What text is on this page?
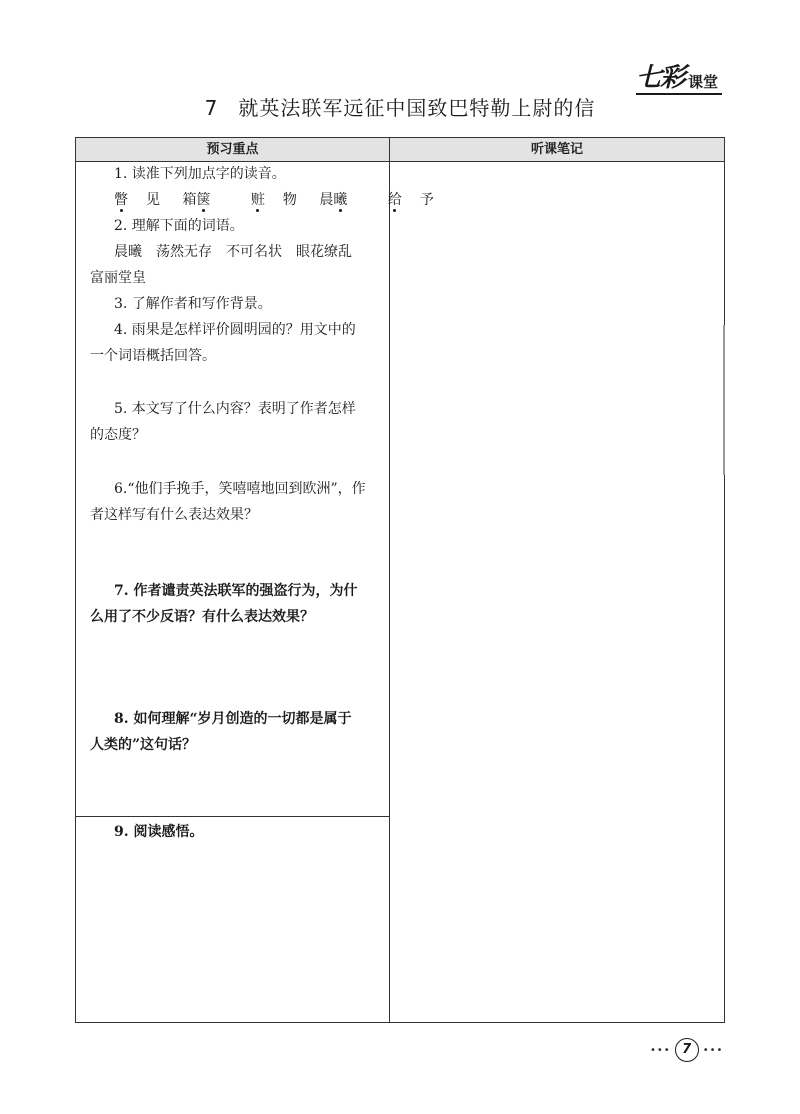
七彩 课堂
7 就英法联军远征中国致巴特勒上尉的信
预习重点	听课笔记
1. 读准下列加点字的读音。
瞥 见 箱箧	赃 物 晨曦	给 予
2. 理解下面的词语。
晨曦　荡然无存　不可名状　眼花缭乱
富丽堂皇
3. 了解作者和写作背景。
4. 雨果是怎样评价圆明园的？用文中的
一个词语概括回答。
5. 本文写了什么内容？表明了作者怎样
的态度？
6.“他们手挽手，笑嘻嘻地回到欧洲”，作
者这样写有什么表达效果？
7. 作者谴责英法联军的强盗行为，为什
么用了不少反语？有什么表达效果？
8. 如何理解“岁月创造的一切都是属于
人类的”这句话？
9. 阅读感悟。
••• 7	•••
